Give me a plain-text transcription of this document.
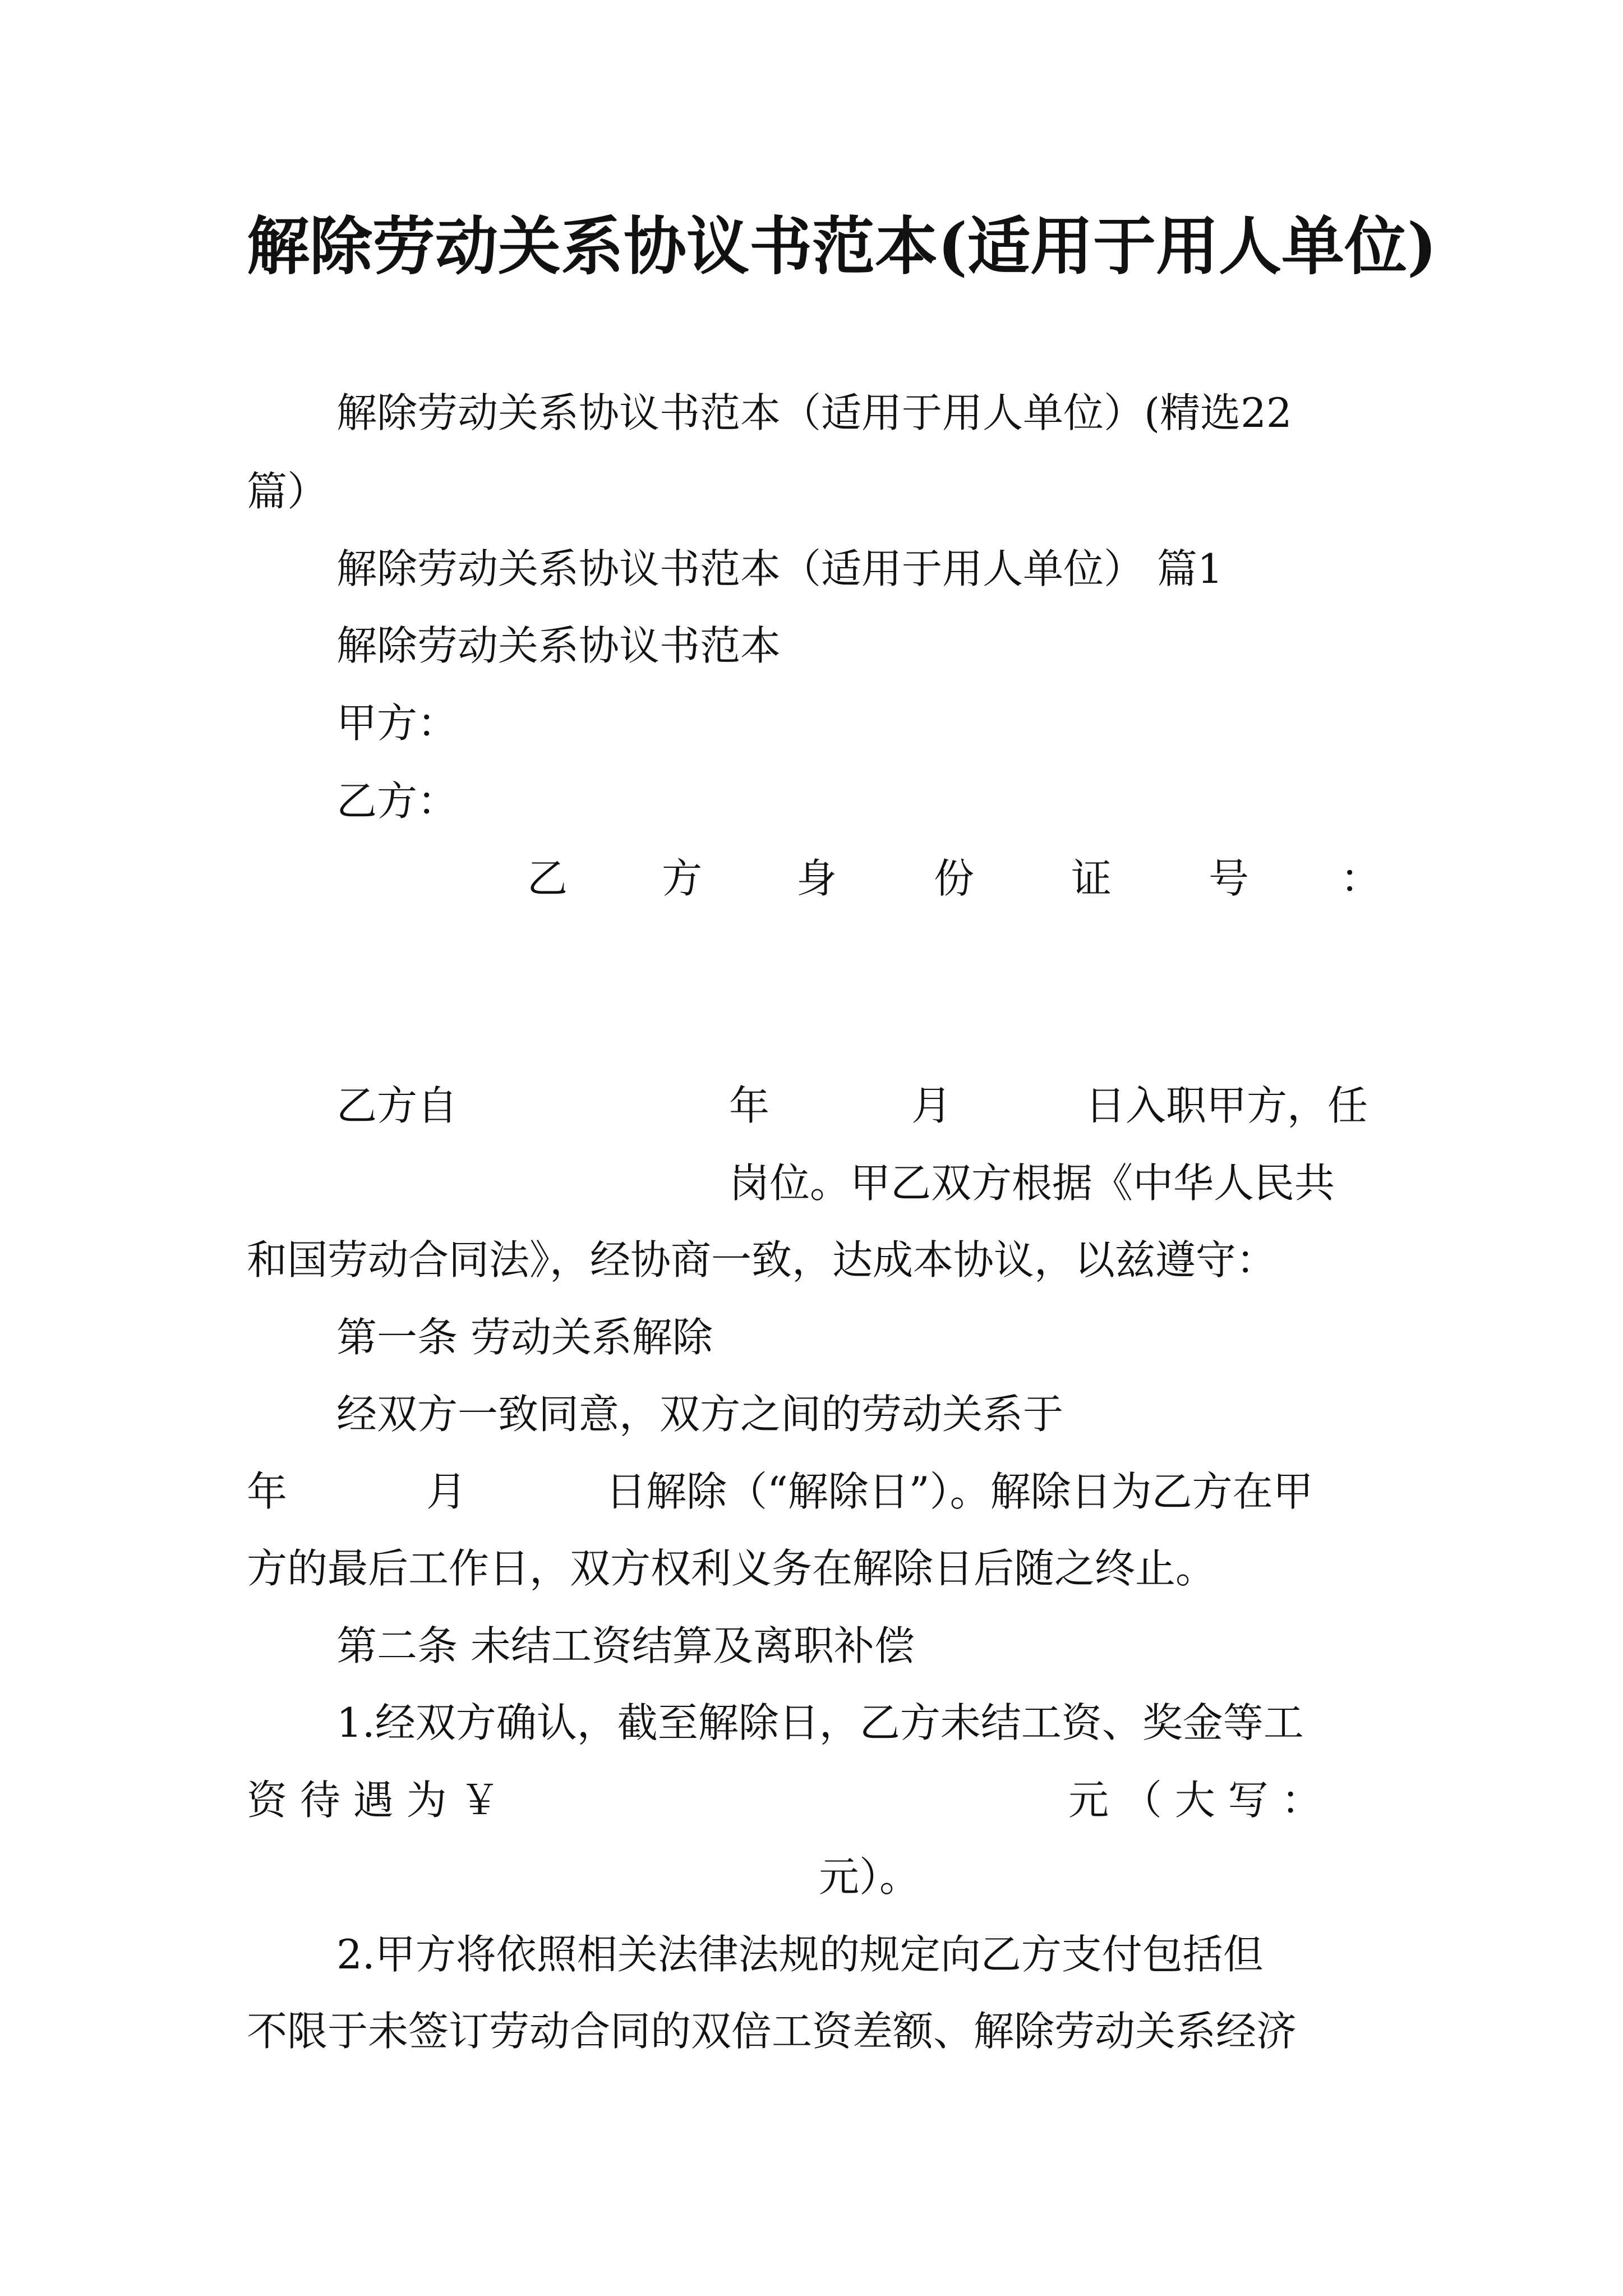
解除劳动关系协议书范本(适用于用人单位)
解除劳动关系协议书范本（适用于用人单位）(精选22
篇）
解除劳动关系协议书范本（适用于用人单位） 篇1
解除劳动关系协议书范本
甲方：
乙方：
乙 方 身 份 证 号 ：
乙方自	年	月	日入职甲方，任
岗位。甲乙双方根据《中华人民共
和国劳动合同法》，经协商一致，达成本协议，以兹遵守：
第一条 劳动关系解除
经双方一致同意，双方之间的劳动关系于
年	月	日解除（“解除日”）。解除日为乙方在甲
方的最后工作日，双方权利义务在解除日后随之终止。
第二条 未结工资结算及离职补偿
1.经双方确认，截至解除日，乙方未结工资、奖金等工
资 待 遇 为 ￥	元 （ 大 写 ：
元）。
2.甲方将依照相关法律法规的规定向乙方支付包括但
不限于未签订劳动合同的双倍工资差额、解除劳动关系经济
